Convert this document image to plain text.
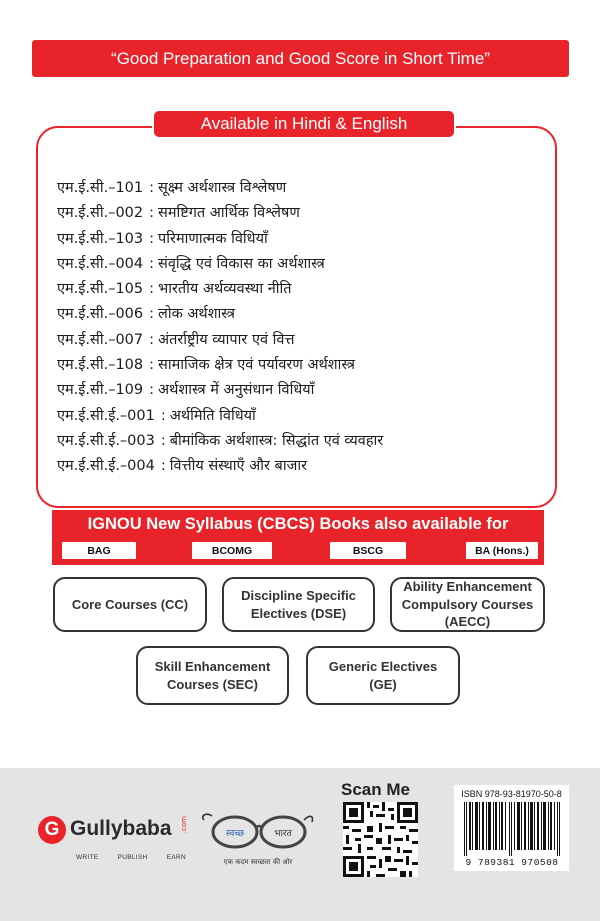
“Good Preparation and Good Score in Short Time”
Available in Hindi & English
एम.ई.सी.–101 : सूक्ष्म अर्थशास्त्र विश्लेषण
एम.ई.सी.–002 : समष्टिगत आर्थिक विश्लेषण
एम.ई.सी.–103 : परिमाणात्मक विधियाँ
एम.ई.सी.–004 : संवृद्धि एवं विकास का अर्थशास्त्र
एम.ई.सी.–105 : भारतीय अर्थव्यवस्था नीति
एम.ई.सी.–006 : लोक अर्थशास्त्र
एम.ई.सी.–007 : अंतर्राष्ट्रीय व्यापार एवं वित्त
एम.ई.सी.–108 : सामाजिक क्षेत्र एवं पर्यावरण अर्थशास्त्र
एम.ई.सी.–109 : अर्थशास्त्र में अनुसंधान विधियाँ
एम.ई.सी.ई.–001 : अर्थमिति विधियाँ
एम.ई.सी.ई.–003 : बीमांकिक अर्थशास्त्र: सिद्धांत एवं व्यवहार
एम.ई.सी.ई.–004 : वित्तीय संस्थाएँ और बाजार
IGNOU New Syllabus (CBCS) Books also available for
BAG	BCOMG	BSCG	BA (Hons.)
Core Courses (CC)
Discipline Specific Electives (DSE)
Ability Enhancement Compulsory Courses (AECC)
Skill Enhancement Courses (SEC)
Generic Electives (GE)
G Gullybaba .com
WRITE	PUBLISH	EARN
स्वच्छ	भारत
एक कदम स्वच्छता की ओर
Scan Me	ISBN 978-93-81970-50-8
9 789381 970508
